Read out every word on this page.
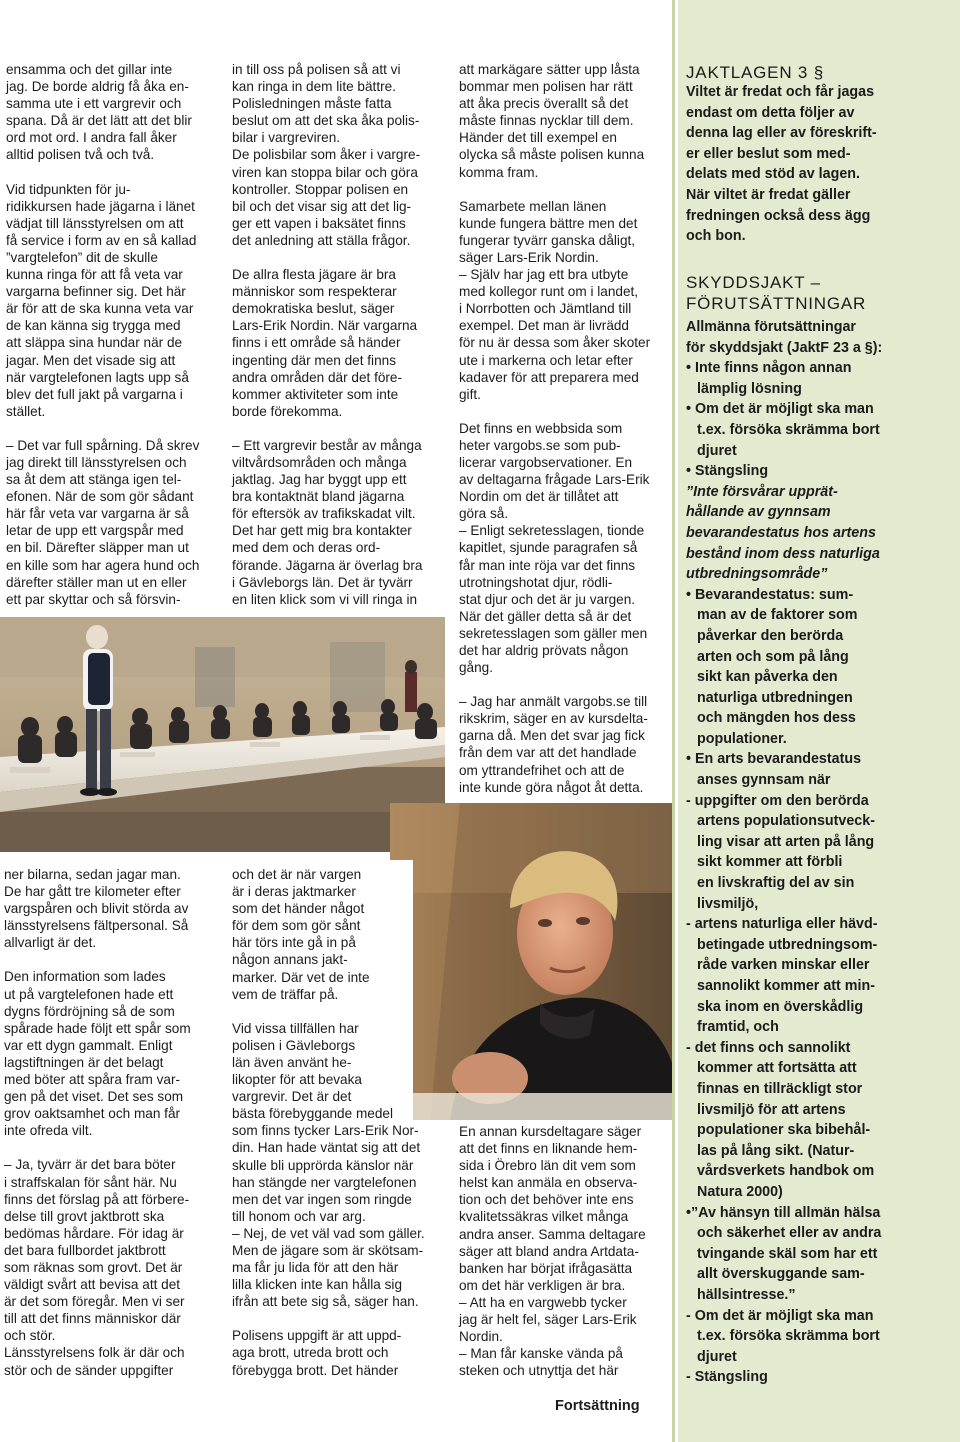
ensamma och det gillar inte
jag. De borde aldrig få åka en-
samma ute i ett vargrevir och
spana. Då är det lätt att det blir
ord mot ord. I andra fall åker
alltid polisen två och två.

Vid tidpunkten för ju-
ridikkursen hade jägarna i länet
vädjat till länsstyrelsen om att
få service i form av en så kallad
”vargtelefon” dit de skulle
kunna ringa för att få veta var
vargarna befinner sig. Det här
är för att de ska kunna veta var
de kan känna sig trygga med
att släppa sina hundar när de
jagar. Men det visade sig att
när vargtelefonen lagts upp så
blev det full jakt på vargarna i
stället.

– Det var full spårning. Då skrev
jag direkt till länsstyrelsen och
sa åt dem att stänga igen tel-
efonen. När de som gör sådant
här får veta var vargarna är så
letar de upp ett vargspår med
en bil. Därefter släpper man ut
en kille som har agera hund och
därefter ställer man ut en eller
ett par skyttar och så försvin-

in till oss på polisen så att vi
kan ringa in dem lite bättre.
Polisledningen måste fatta
beslut om att det ska åka polis-
bilar i vargreviren.
De polisbilar som åker i vargre-
viren kan stoppa bilar och göra
kontroller. Stoppar polisen en
bil och det visar sig att det lig-
ger ett vapen i baksätet finns
det anledning att ställa frågor.

De allra flesta jägare är bra
människor som respekterar
demokratiska beslut, säger
Lars-Erik Nordin. När vargarna
finns i ett område så händer
ingenting där men det finns
andra områden där det före-
kommer aktiviteter som inte
borde förekomma.

– Ett vargrevir består av många
viltvårdsområden och många
jaktlag. Jag har byggt upp ett
bra kontaktnät bland jägarna
för eftersök av trafikskadat vilt.
Det har gett mig bra kontakter
med dem och deras ord-
förande. Jägarna är överlag bra
i Gävleborgs län. Det är tyvärr
en liten klick som vi vill ringa in

att markägare sätter upp låsta
bommar men polisen har rätt
att åka precis överallt så det
måste finnas nycklar till dem.
Händer det till exempel en
olycka så måste polisen kunna
komma fram.

Samarbete mellan länen
kunde fungera bättre men det
fungerar tyvärr ganska dåligt,
säger Lars-Erik Nordin.
– Själv har jag ett bra utbyte
med kollegor runt om i landet,
i Norrbotten och Jämtland till
exempel. Det man är livrädd
för nu är dessa som åker skoter
ute i markerna och letar efter
kadaver för att preparera med
gift.

Det finns en webbsida som
heter vargobs.se som pub-
licerar vargobservationer. En
av deltagarna frågade Lars-Erik
Nordin om det är tillåtet att
göra så.
– Enligt sekretesslagen, tionde
kapitlet, sjunde paragrafen så
får man inte röja var det finns
utrotningshotat djur, rödli-
stat djur och det är ju vargen.
När det gäller detta så är det
sekretesslagen som gäller men
det har aldrig prövats någon
gång.

– Jag har anmält vargobs.se till
rikskrim, säger en av kursdelta-
garna då. Men det svar jag fick
från dem var att det handlade
om yttrandefrihet och att de
inte kunde göra något åt detta.

ner bilarna, sedan jagar man.
De har gått tre kilometer efter
vargspåren och blivit störda av
länsstyrelsens fältpersonal. Så
allvarligt är det.

Den information som lades
ut på vargtelefonen hade ett
dygns fördröjning så de som
spårade hade följt ett spår som
var ett dygn gammalt. Enligt
lagstiftningen är det belagt
med böter att spåra fram var-
gen på det viset. Det ses som
grov oaktsamhet och man får
inte ofreda vilt.

– Ja, tyvärr är det bara böter
i straffskalan för sånt här. Nu
finns det förslag på att förbere-
delse till grovt jaktbrott ska
bedömas hårdare. För idag är
det bara fullbordet jaktbrott
som räknas som grovt. Det är
väldigt svårt att bevisa att det
är det som föregår. Men vi ser
till att det finns människor där
och stör.
Länsstyrelsens folk är där och
stör och de sänder uppgifter

och det är när vargen
är i deras jaktmarker
som det händer något
för dem som gör sånt
här törs inte gå in på
någon annans jakt-
marker. Där vet de inte
vem de träffar på.

Vid vissa tillfällen har
polisen i Gävleborgs
län även använt he-
likopter för att bevaka
vargrevir. Det är det
bästa förebyggande medel
som finns tycker Lars-Erik Nor-
din. Han hade väntat sig att det
skulle bli upprörda känslor när
han stängde ner vargtelefonen
men det var ingen som ringde
till honom och var arg.
– Nej, de vet väl vad som gäller.
Men de jägare som är skötsam-
ma får ju lida för att den här
lilla klicken inte kan hålla sig
ifrån att bete sig så, säger han.

Polisens uppgift är att uppd-
aga brott, utreda brott och
förebygga brott. Det händer

En annan kursdeltagare säger
att det finns en liknande hem-
sida i Örebro län dit vem som
helst kan anmäla en observa-
tion och det behöver inte ens
kvalitetssäkras vilket många
andra anser. Samma deltagare
säger att bland andra Artdata-
banken har börjat ifrågasätta
om det här verkligen är bra.
– Att ha en vargwebb tycker
jag är helt fel, säger Lars-Erik
Nordin.
– Man får kanske vända på
steken och utnyttja det här

Fortsättning
JAKTLAGEN 3 §
Viltet är fredat och får jagas
endast om detta följer av
denna lag eller av föreskrift-
er eller beslut som med-
delats med stöd av lagen.
När viltet är fredat gäller
fredningen också dess ägg
och bon.
SKYDDSJAKT –
FÖRUTSÄTTNINGAR
Allmänna förutsättningar
för skyddsjakt (JaktF 23 a §):
• Inte finns någon annan
lämplig lösning
• Om det är möjligt ska man
t.ex. försöka skrämma bort
djuret
• Stängsling
”Inte försvårar upprät-
hållande av gynnsam
bevarandestatus hos artens
bestånd inom dess naturliga
utbredningsområde”
• Bevarandestatus: sum-
man av de faktorer som
påverkar den berörda
arten och som på lång
sikt kan påverka den
naturliga utbredningen
och mängden hos dess
populationer.
• En arts bevarandestatus
anses gynnsam när
- uppgifter om den berörda
artens populationsutveck-
ling visar att arten på lång
sikt kommer att förbli
en livskraftig del av sin
livsmiljö,
- artens naturliga eller hävd-
betingade utbredningsom-
råde varken minskar eller
sannolikt kommer att min-
ska inom en överskådlig
framtid, och
- det finns och sannolikt
kommer att fortsätta att
finnas en tillräckligt stor
livsmiljö för att artens
populationer ska bibehål-
las på lång sikt. (Natur-
vårdsverkets handbok om
Natura 2000)
•”Av hänsyn till allmän hälsa
och säkerhet eller av andra
tvingande skäl som har ett
allt överskuggande sam-
hällsintresse.”
- Om det är möjligt ska man
t.ex. försöka skrämma bort
djuret
- Stängsling
